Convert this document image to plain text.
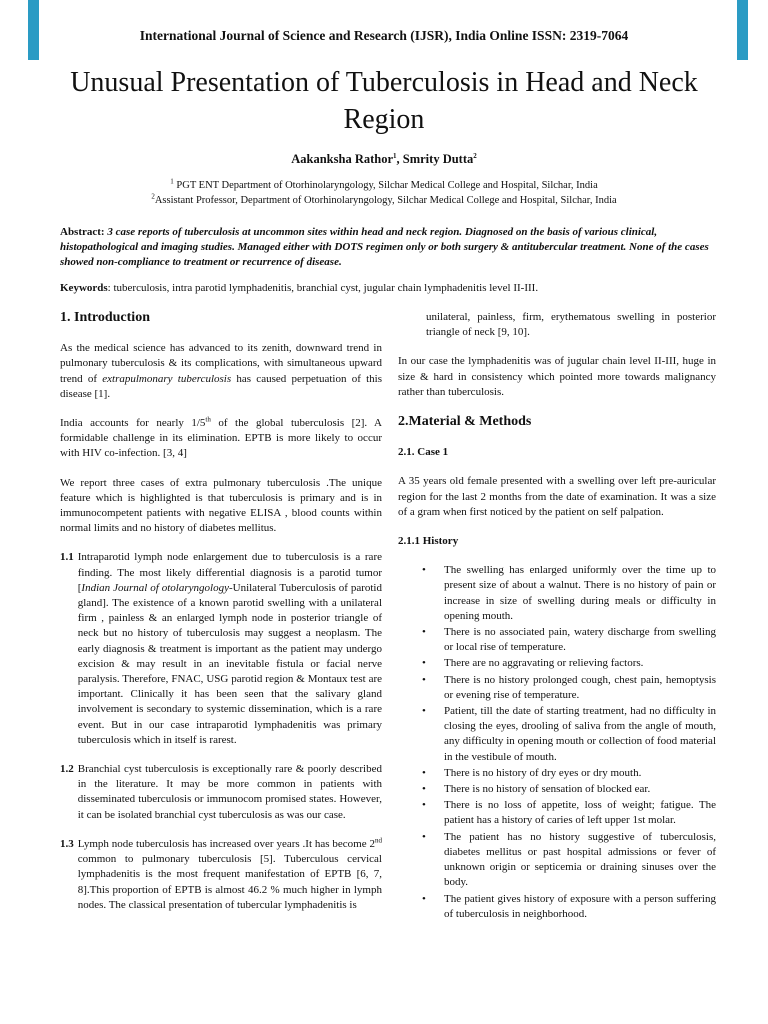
International Journal of Science and Research (IJSR), India Online ISSN: 2319-7064
Unusual Presentation of Tuberculosis in Head and Neck Region
Aakanksha Rathor$^1$, Smrity Dutta$^2$
$^1$ PGT ENT Department of Otorhinolaryngology, Silchar Medical College and Hospital, Silchar, India
$^2$Assistant Professor, Department of Otorhinolaryngology, Silchar Medical College and Hospital, Silchar, India
Abstract: 3 case reports of tuberculosis at uncommon sites within head and neck region. Diagnosed on the basis of various clinical, histopathological and imaging studies. Managed either with DOTS regimen only or both surgery & antitubercular treatment. None of the cases showed non-compliance to treatment or recurrence of disease.
Keywords: tuberculosis, intra parotid lymphadenitis, branchial cyst, jugular chain lymphadenitis level II-III.
1. Introduction

As the medical science has advanced to its zenith, downward trend in pulmonary tuberculosis & its complications, with simultaneous upward trend of extrapulmonary tuberculosis has caused perpetuation of this disease [1].

India accounts for nearly 1/5th of the global tuberculosis [2]. A formidable challenge in its elimination. EPTB is more likely to occur with HIV co-infection. [3, 4]

We report three cases of extra pulmonary tuberculosis .The unique feature which is highlighted is that tuberculosis is primary and is in immunocompetent patients with negative ELISA , blood counts within normal limits and no history of diabetes mellitus.

1.1 Intraparotid lymph node enlargement due to tuberculosis is a rare finding. The most likely differential diagnosis is a parotid tumor [Indian Journal of otolaryngology-Unilateral Tuberculosis of parotid gland]. The existence of a known parotid swelling with a unilateral firm , painless & an enlarged lymph node in posterior triangle of neck but no history of tuberculosis may suggest a neoplasm. The early diagnosis & treatment is important as the patient may undergo excision & may result in an inevitable fistula or facial nerve paralysis. Therefore, FNAC, USG parotid region & Montaux test are important. Clinically it has been seen that the salivary gland involvement is secondary to systemic dissemination, which is a rare event. But in our case intraparotid lymphadenitis was primary tuberculosis which in itself is rarest.
1.2 Branchial cyst tuberculosis is exceptionally rare & poorly described in the literature. It may be more common in patients with disseminated tuberculosis or immunocom promised states. However, it can be isolated branchial cyst tuberculosis as was our case.
1.3 Lymph node tuberculosis has increased over years .It has become 2nd common to pulmonary tuberculosis [5]. Tuberculous cervical lymphadenitis is the most frequent manifestation of EPTB [6, 7, 8].This proportion of EPTB is almost 46.2 % much higher in lymph nodes. The classical presentation of tubercular lymphadenitis is

unilateral, painless, firm, erythematous swelling in posterior triangle of neck [9, 10].

In our case the lymphadenitis was of jugular chain level II-III, huge in size & hard in consistency which pointed more towards malignancy rather than tuberculosis.

2.Material & Methods
2.1. Case 1

A 35 years old female presented with a swelling over left pre-auricular region for the last 2 months from the date of examination. It was a size of a gram when first noticed by the patient on self palpation.

2.1.1 History
• The swelling has enlarged uniformly over the time up to present size of about a walnut. There is no history of pain or increase in size of swelling during meals or difficulty in opening mouth.
• There is no associated pain, watery discharge from swelling or local rise of temperature.
• There are no aggravating or relieving factors.
• There is no history prolonged cough, chest pain, hemoptysis or evening rise of temperature.
• Patient, till the date of starting treatment, had no difficulty in closing the eyes, drooling of saliva from the angle of mouth, any difficulty in opening mouth or collection of food material in the vestibule of mouth.
• There is no history of dry eyes or dry mouth.
• There is no history of sensation of blocked ear.
• There is no loss of appetite, loss of weight; fatigue. The patient has a history of caries of left upper 1st molar.
• The patient has no history suggestive of tuberculosis, diabetes mellitus or past hospital admissions or fever of unknown origin or septicemia or draining sinuses over the body.
• The patient gives history of exposure with a person suffering of tuberculosis in neighborhood.
